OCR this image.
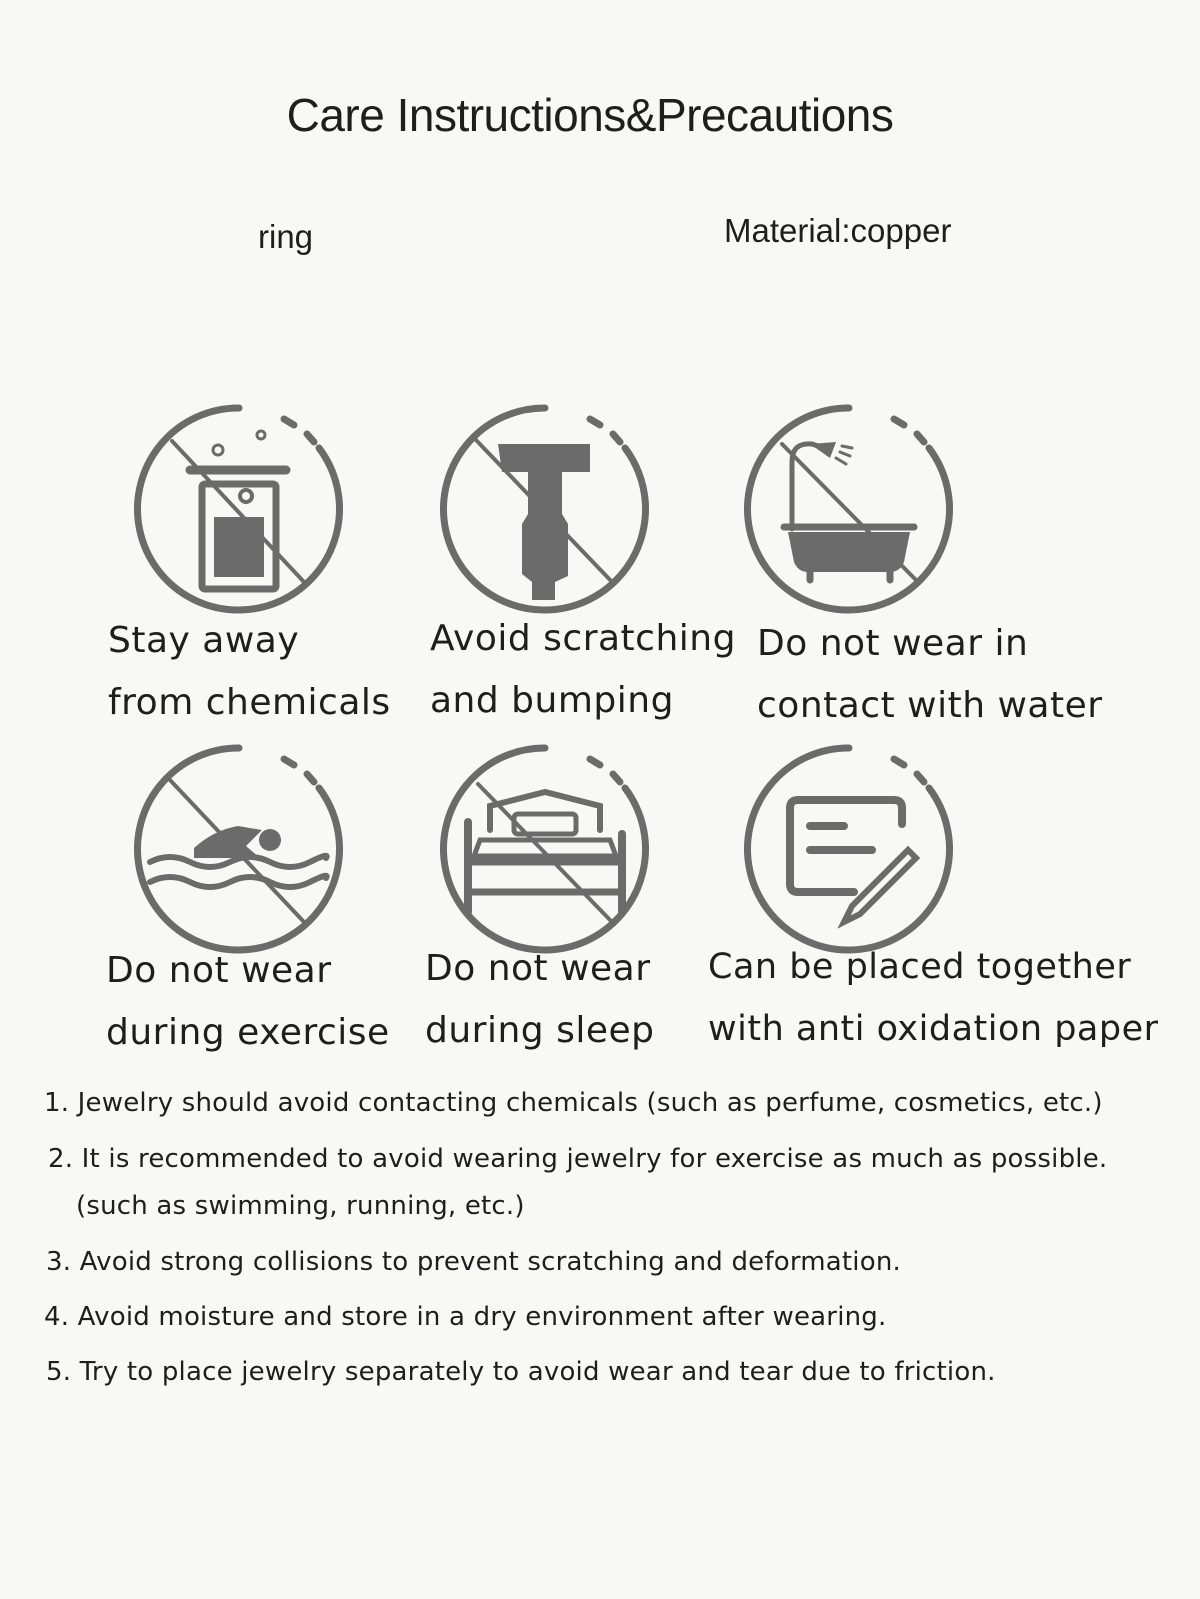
Care Instructions&Precautions
ring	Material:copper
Stay away
from chemicals
Avoid scratching
and bumping
Do not wear in
contact with water
Do not wear
during exercise
Do not wear
during sleep
Can be placed together
with anti oxidation paper
1. Jewelry should avoid contacting chemicals (such as perfume, cosmetics, etc.)
2. It is recommended to avoid wearing jewelry for exercise as much as possible.
(such as swimming, running, etc.)
3. Avoid strong collisions to prevent scratching and deformation.
4. Avoid moisture and store in a dry environment after wearing.
5. Try to place jewelry separately to avoid wear and tear due to friction.
